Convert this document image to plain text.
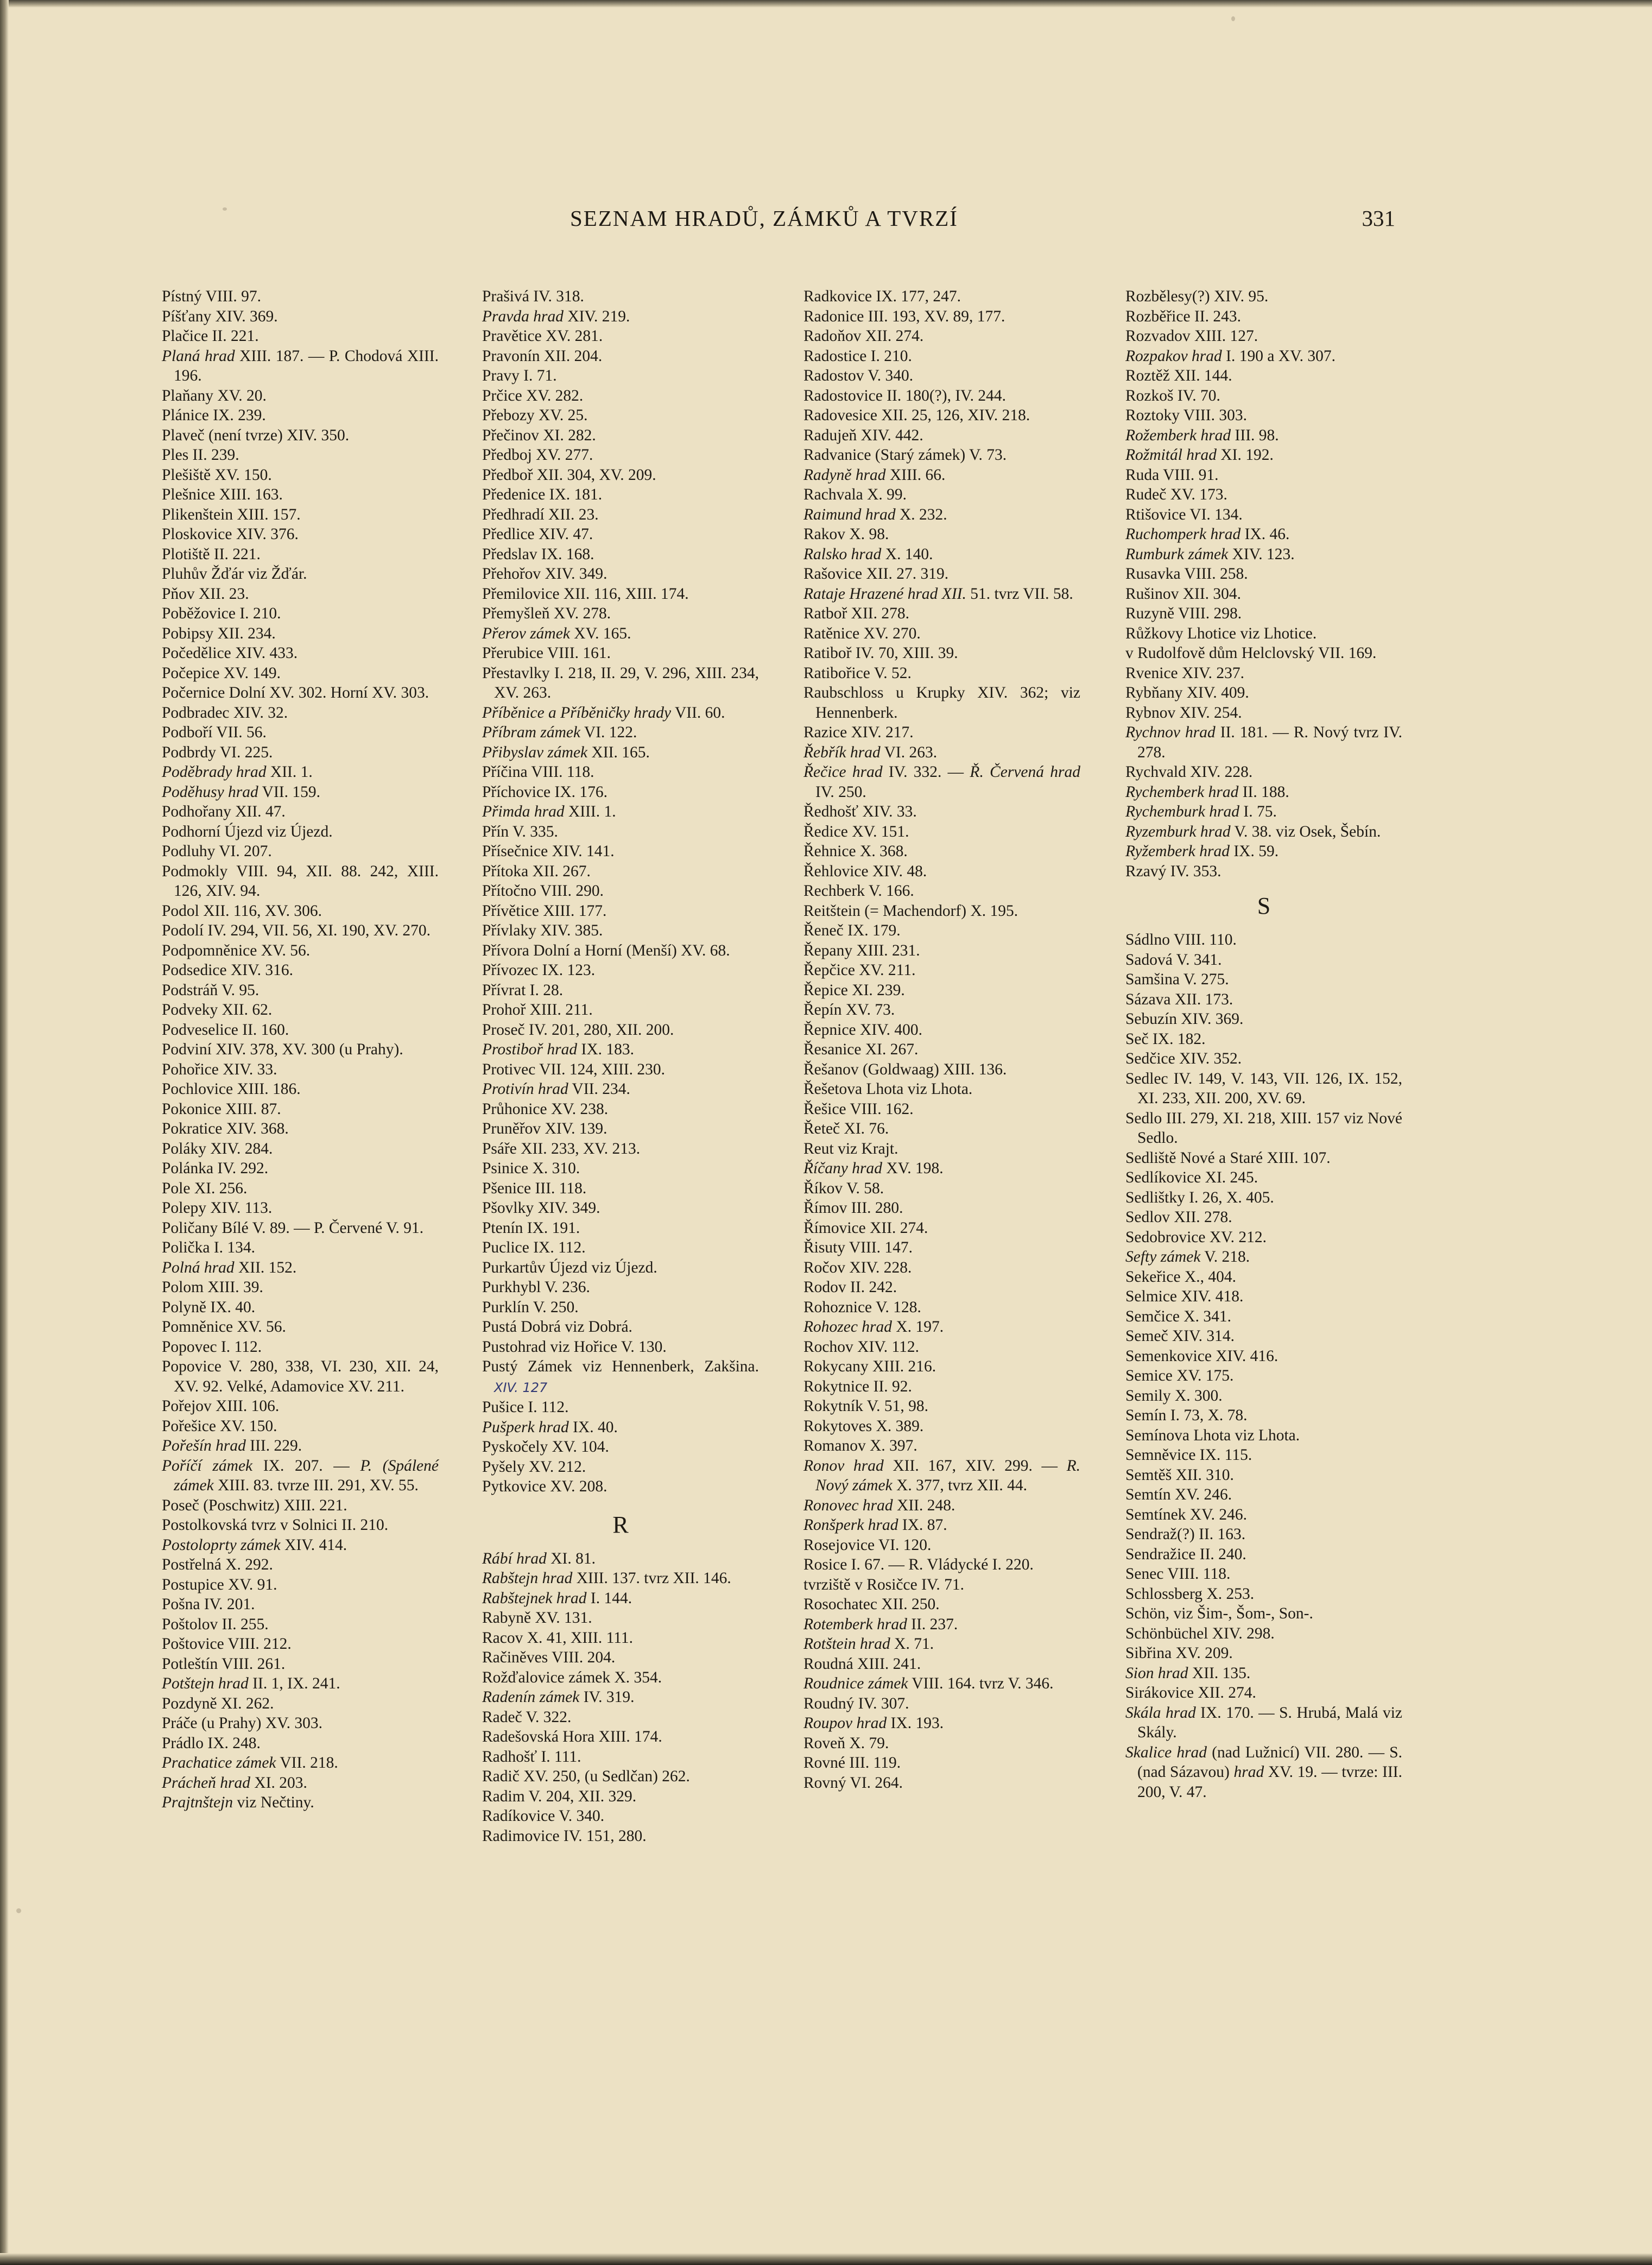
SEZNAM HRADŮ, ZÁMKŮ A TVRZÍ	331
Pístný VIII. 97.
Píšťany XIV. 369.
Plačice II. 221.
Planá hrad XIII. 187. — P. Chodová XIII. 196.
Plaňany XV. 20.
Plánice IX. 239.
Plaveč (není tvrze) XIV. 350.
Ples II. 239.
Plešiště XV. 150.
Plešnice XIII. 163.
Plikenštein XIII. 157.
Ploskovice XIV. 376.
Plotiště II. 221.
Pluhův Žďár viz Žďár.
Pňov XII. 23.
Poběžovice I. 210.
Pobipsy XII. 234.
Počedělice XIV. 433.
Počepice XV. 149.
Počernice Dolní XV. 302. Horní XV. 303.
Podbradec XIV. 32.
Podboří VII. 56.
Podbrdy VI. 225.
Poděbrady hrad XII. 1.
Poděhusy hrad VII. 159.
Podhořany XII. 47.
Podhorní Újezd viz Újezd.
Podluhy VI. 207.
Podmokly VIII. 94, XII. 88. 242, XIII. 126, XIV. 94.
Podol XII. 116, XV. 306.
Podolí IV. 294, VII. 56, XI. 190, XV. 270.
Podpomněnice XV. 56.
Podsedice XIV. 316.
Podstráň V. 95.
Podveky XII. 62.
Podveselice II. 160.
Podviní XIV. 378, XV. 300 (u Prahy).
Pohořice XIV. 33.
Pochlovice XIII. 186.
Pokonice XIII. 87.
Pokratice XIV. 368.
Poláky XIV. 284.
Polánka IV. 292.
Pole XI. 256.
Polepy XIV. 113.
Poličany Bílé V. 89. — P. Červené V. 91.
Polička I. 134.
Polná hrad XII. 152.
Polom XIII. 39.
Polyně IX. 40.
Pomněnice XV. 56.
Popovec I. 112.
Popovice V. 280, 338, VI. 230, XII. 24, XV. 92. Velké, Adamovice XV. 211.
Pořejov XIII. 106.
Pořešice XV. 150.
Pořešín hrad III. 229.
Poříčí zámek IX. 207. — P. (Spálené zámek XIII. 83. tvrze III. 291, XV. 55.
Poseč (Poschwitz) XIII. 221.
Postolkovská tvrz v Solnici II. 210.
Postoloprty zámek XIV. 414.
Postřelná X. 292.
Postupice XV. 91.
Pošna IV. 201.
Poštolov II. 255.
Poštovice VIII. 212.
Potleštín VIII. 261.
Potštejn hrad II. 1, IX. 241.
Pozdyně XI. 262.
Práče (u Prahy) XV. 303.
Prádlo IX. 248.
Prachatice zámek VII. 218.
Prácheň hrad XI. 203.
Prajtnštejn viz Nečtiny.
Prašivá IV. 318.
Pravda hrad XIV. 219.
Pravětice XV. 281.
Pravonín XII. 204.
Pravy I. 71.
Prčice XV. 282.
Přebozy XV. 25.
Přečinov XI. 282.
Předboj XV. 277.
Předboř XII. 304, XV. 209.
Předenice IX. 181.
Předhradí XII. 23.
Předlice XIV. 47.
Předslav IX. 168.
Přehořov XIV. 349.
Přemilovice XII. 116, XIII. 174.
Přemyšleň XV. 278.
Přerov zámek XV. 165.
Přerubice VIII. 161.
Přestavlky I. 218, II. 29, V. 296, XIII. 234, XV. 263.
Příběnice a Příběničky hrady VII. 60.
Příbram zámek VI. 122.
Přibyslav zámek XII. 165.
Příčina VIII. 118.
Příchovice IX. 176.
Přimda hrad XIII. 1.
Přín V. 335.
Přísečnice XIV. 141.
Přítoka XII. 267.
Přítočno VIII. 290.
Přívětice XIII. 177.
Přívlaky XIV. 385.
Přívora Dolní a Horní (Menší) XV. 68.
Přívozec IX. 123.
Přívrat I. 28.
Prohoř XIII. 211.
Proseč IV. 201, 280, XII. 200.
Prostiboř hrad IX. 183.
Protivec VII. 124, XIII. 230.
Protivín hrad VII. 234.
Průhonice XV. 238.
Pruněřov XIV. 139.
Psáře XII. 233, XV. 213.
Psinice X. 310.
Pšenice III. 118.
Pšovlky XIV. 349.
Ptenín IX. 191.
Puclice IX. 112.
Purkartův Újezd viz Újezd.
Purkhybl V. 236.
Purklín V. 250.
Pustá Dobrá viz Dobrá.
Pustohrad viz Hořice V. 130.
Pustý Zámek viz Hennenberk, Zakšina. XIV. 127
Pušice I. 112.
Pušperk hrad IX. 40.
Pyskočely XV. 104.
Pyšely XV. 212.
Pytkovice XV. 208.
R
Rábí hrad XI. 81.
Rabštejn hrad XIII. 137. tvrz XII. 146.
Rabštejnek hrad I. 144.
Rabyně XV. 131.
Racov X. 41, XIII. 111.
Račiněves VIII. 204.
Rožďalovice zámek X. 354.
Radenín zámek IV. 319.
Radeč V. 322.
Radešovská Hora XIII. 174.
Radhošť I. 111.
Radič XV. 250, (u Sedlčan) 262.
Radim V. 204, XII. 329.
Radíkovice V. 340.
Radimovice IV. 151, 280.
Radkovice IX. 177, 247.
Radonice III. 193, XV. 89, 177.
Radoňov XII. 274.
Radostice I. 210.
Radostov V. 340.
Radostovice II. 180(?), IV. 244.
Radovesice XII. 25, 126, XIV. 218.
Radujeň XIV. 442.
Radvanice (Starý zámek) V. 73.
Radyně hrad XIII. 66.
Rachvala X. 99.
Raimund hrad X. 232.
Rakov X. 98.
Ralsko hrad X. 140.
Rašovice XII. 27. 319.
Rataje Hrazené hrad XII. 51. tvrz VII. 58.
Ratboř XII. 278.
Ratěnice XV. 270.
Ratiboř IV. 70, XIII. 39.
Ratibořice V. 52.
Raubschloss u Krupky XIV. 362; viz Hennenberk.
Razice XIV. 217.
Řebřík hrad VI. 263.
Řečice hrad IV. 332. — Ř. Červená hrad IV. 250.
Ředhošť XIV. 33.
Ředice XV. 151.
Řehnice X. 368.
Řehlovice XIV. 48.
Rechberk V. 166.
Reitštein (= Machendorf) X. 195.
Řeneč IX. 179.
Řepany XIII. 231.
Řepčice XV. 211.
Řepice XI. 239.
Řepín XV. 73.
Řepnice XIV. 400.
Řesanice XI. 267.
Řešanov (Goldwaag) XIII. 136.
Řešetova Lhota viz Lhota.
Řešice VIII. 162.
Řeteč XI. 76.
Reut viz Krajt.
Říčany hrad XV. 198.
Říkov V. 58.
Římov III. 280.
Římovice XII. 274.
Řisuty VIII. 147.
Ročov XIV. 228.
Rodov II. 242.
Rohoznice V. 128.
Rohozec hrad X. 197.
Rochov XIV. 112.
Rokycany XIII. 216.
Rokytnice II. 92.
Rokytník V. 51, 98.
Rokytoves X. 389.
Romanov X. 397.
Ronov hrad XII. 167, XIV. 299. — R. Nový zámek X. 377, tvrz XII. 44.
Ronovec hrad XII. 248.
Ronšperk hrad IX. 87.
Rosejovice VI. 120.
Rosice I. 67. — R. Vládycké I. 220.
tvrziště v Rosičce IV. 71.
Rosochatec XII. 250.
Rotemberk hrad II. 237.
Rotštein hrad X. 71.
Roudná XIII. 241.
Roudnice zámek VIII. 164. tvrz V. 346.
Roudný IV. 307.
Roupov hrad IX. 193.
Roveň X. 79.
Rovné III. 119.
Rovný VI. 264.
Rozbělesy(?) XIV. 95.
Rozběřice II. 243.
Rozvadov XIII. 127.
Rozpakov hrad I. 190 a XV. 307.
Roztěž XII. 144.
Rozkoš IV. 70.
Roztoky VIII. 303.
Rožemberk hrad III. 98.
Rožmitál hrad XI. 192.
Ruda VIII. 91.
Rudeč XV. 173.
Rtišovice VI. 134.
Ruchomperk hrad IX. 46.
Rumburk zámek XIV. 123.
Rusavka VIII. 258.
Rušinov XII. 304.
Ruzyně VIII. 298.
Růžkovy Lhotice viz Lhotice.
v Rudolfově dům Helclovský VII. 169.
Rvenice XIV. 237.
Rybňany XIV. 409.
Rybnov XIV. 254.
Rychnov hrad II. 181. — R. Nový tvrz IV. 278.
Rychvald XIV. 228.
Rychemberk hrad II. 188.
Rychemburk hrad I. 75.
Ryzemburk hrad V. 38. viz Osek, Šebín.
Ryžemberk hrad IX. 59.
Rzavý IV. 353.
S
Sádlno VIII. 110.
Sadová V. 341.
Samšina V. 275.
Sázava XII. 173.
Sebuzín XIV. 369.
Seč IX. 182.
Sedčice XIV. 352.
Sedlec IV. 149, V. 143, VII. 126, IX. 152, XI. 233, XII. 200, XV. 69.
Sedlo III. 279, XI. 218, XIII. 157 viz Nové Sedlo.
Sedliště Nové a Staré XIII. 107.
Sedlíkovice XI. 245.
Sedlištky I. 26, X. 405.
Sedlov XII. 278.
Sedobrovice XV. 212.
Sefty zámek V. 218.
Sekeřice X., 404.
Selmice XIV. 418.
Semčice X. 341.
Semeč XIV. 314.
Semenkovice XIV. 416.
Semice XV. 175.
Semily X. 300.
Semín I. 73, X. 78.
Semínova Lhota viz Lhota.
Semněvice IX. 115.
Semtěš XII. 310.
Semtín XV. 246.
Semtínek XV. 246.
Sendraž(?) II. 163.
Sendražice II. 240.
Senec VIII. 118.
Schlossberg X. 253.
Schön, viz Šim-, Šom-, Son-.
Schönbüchel XIV. 298.
Sibřina XV. 209.
Sion hrad XII. 135.
Sirákovice XII. 274.
Skála hrad IX. 170. — S. Hrubá, Malá viz Skály.
Skalice hrad (nad Lužnicí) VII. 280. — S. (nad Sázavou) hrad XV. 19. — tvrze: III. 200, V. 47.
